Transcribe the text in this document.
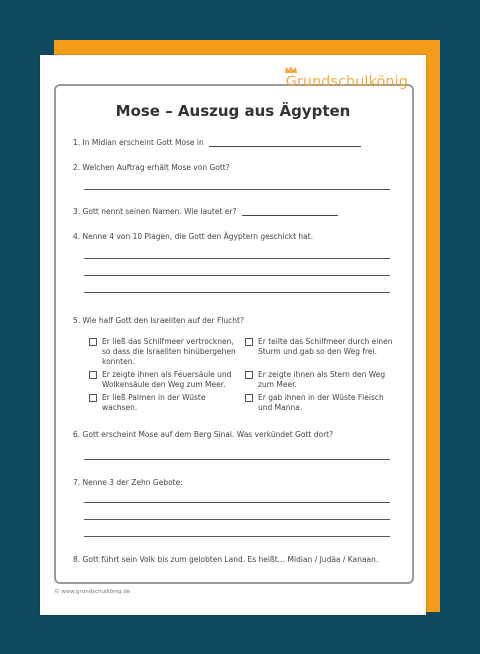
Grundschulkönig
Mose – Auszug aus Ägypten
1. In Midian erscheint Gott Mose in
2. Welchen Auftrag erhält Mose von Gott?
3. Gott nennt seinen Namen. Wie lautet er?
4. Nenne 4 von 10 Plagen, die Gott den Ägyptern geschickt hat.
5. Wie half Gott den Israeliten auf der Flucht?
Er ließ das Schilfmeer vertrocknen, so dass die Israeliten hinübergehen konnten.
Er zeigte ihnen als Feuersäule und Wolkensäule den Weg zum Meer.
Er ließ Palmen in der Wüste wachsen.
Er teilte das Schilfmeer durch einen Sturm und gab so den Weg frei.
Er zeigte ihnen als Stern den Weg zum Meer.
Er gab ihnen in der Wüste Fleisch und Manna.
6. Gott erscheint Mose auf dem Berg Sinai. Was verkündet Gott dort?
7. Nenne 3 der Zehn Gebote:
8. Gott führt sein Volk bis zum gelobten Land. Es heißt… Midian / Judäa / Kanaan.
© www.grundschulkönig.de
